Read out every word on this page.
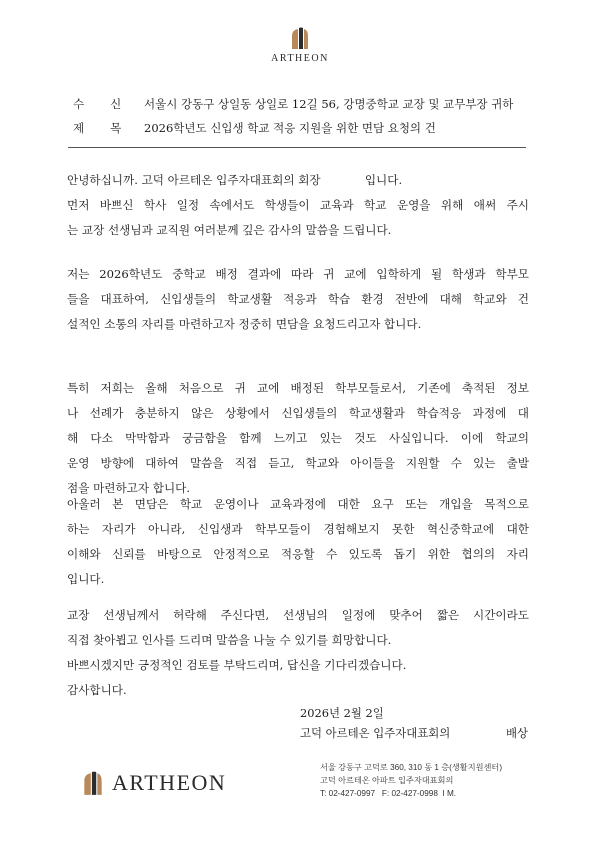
ARTHEON
수 신 서울시 강동구 상일동 상일로 12길 56, 강명중학교 교장 및 교무부장 귀하
제 목 2026학년도 신입생 학교 적응 지원을 위한 면담 요청의 건
안녕하십니까. 고덕 아르테온 입주자대표회의 회장            입니다.
먼저 바쁘신 학사 일정 속에서도 학생들이 교육과 학교 운영을 위해 애써 주시
는 교장 선생님과 교직원 여러분께 깊은 감사의 말씀을 드립니다.
저는 2026학년도 중학교 배정 결과에 따라 귀 교에 입학하게 될 학생과 학부모
들을 대표하여, 신입생들의 학교생활 적응과 학습 환경 전반에 대해 학교와 건
설적인 소통의 자리를 마련하고자 정중히 면담을 요청드리고자 합니다.
특히 저희는 올해 처음으로 귀 교에 배정된 학부모들로서, 기존에 축적된 정보
나 선례가 충분하지 않은 상황에서 신입생들의 학교생활과 학습적응 과정에 대
해 다소 막막함과 궁금함을 함께 느끼고 있는 것도 사실입니다. 이에 학교의
운영 방향에 대하여 말씀을 직접 듣고, 학교와 아이들을 지원할 수 있는 출발
점을 마련하고자 합니다.
아울러 본 면담은 학교 운영이나 교육과정에 대한 요구 또는 개입을 목적으로
하는 자리가 아니라, 신입생과 학부모들이 경험해보지 못한 혁신중학교에 대한
이해와 신뢰를 바탕으로 안정적으로 적응할 수 있도록 돕기 위한 협의의 자리
입니다.
교장 선생님께서 허락해 주신다면, 선생님의 일정에 맞추어 짧은 시간이라도
직접 찾아뵙고 인사를 드리며 말씀을 나눌 수 있기를 희망합니다.
바쁘시겠지만 긍정적인 검토를 부탁드리며, 답신을 기다리겠습니다.
감사합니다.
2026년 2월 2일
고덕 아르테온 입주자대표회의	배상
ARTHEON
서울 강동구 고덕로 360, 310 동 1 층(생활지원센터)
고덕 아르테온 아파트 입주자대표회의
T: 02-427-0997   F: 02-427-0998  I M.
